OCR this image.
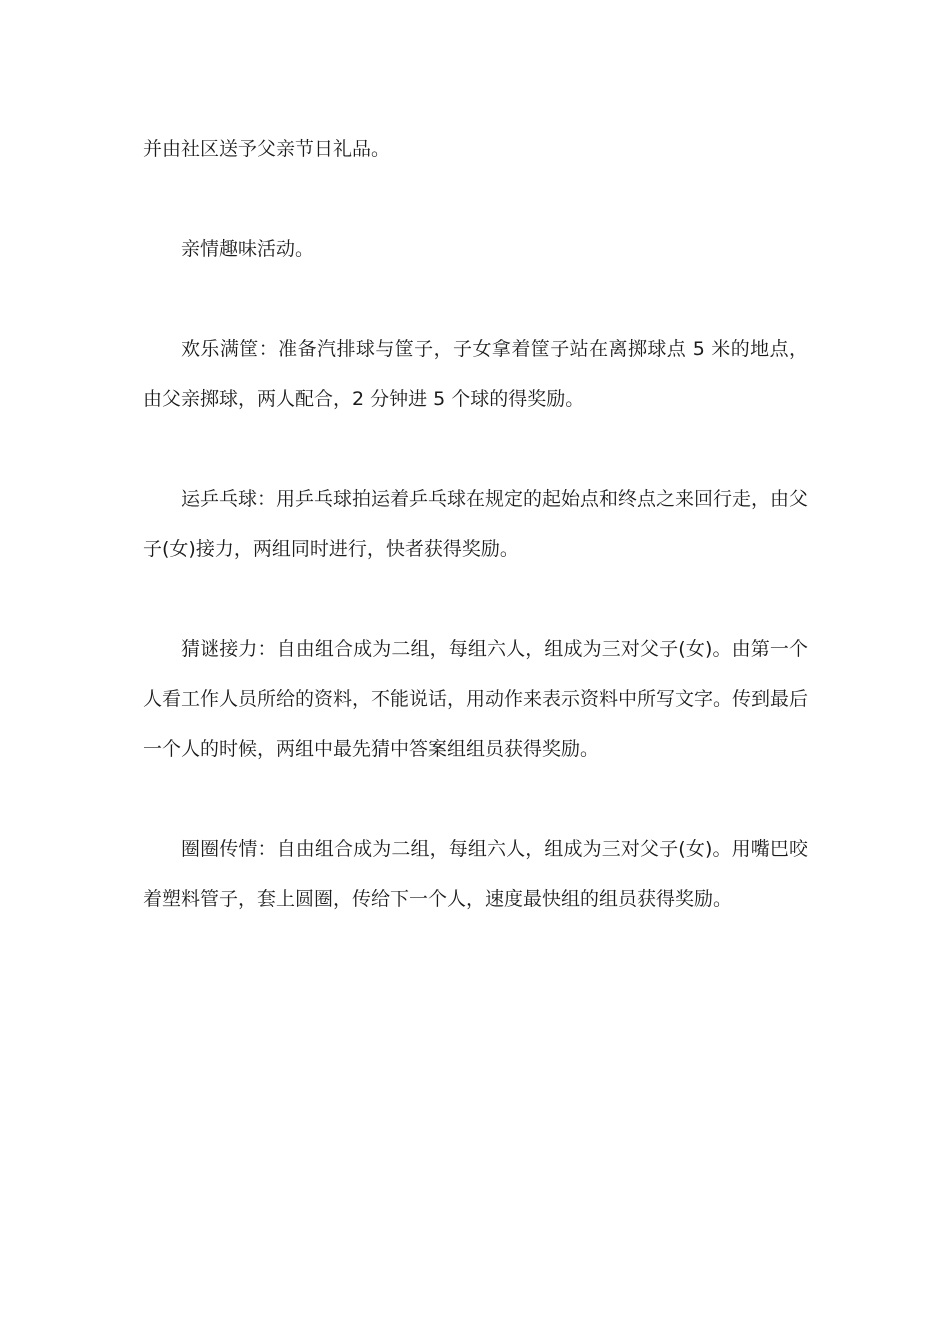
并由社区送予父亲节日礼品。

亲情趣味活动。

欢乐满筐：准备汽排球与筐子，子女拿着筐子站在离掷球点 5 米的地点，由父亲掷球，两人配合，2 分钟进 5 个球的得奖励。

运乒乓球：用乒乓球拍运着乒乓球在规定的起始点和终点之来回行走，由父子(女)接力，两组同时进行，快者获得奖励。

猜谜接力：自由组合成为二组，每组六人，组成为三对父子(女)。由第一个人看工作人员所给的资料，不能说话，用动作来表示资料中所写文字。传到最后一个人的时候，两组中最先猜中答案组组员获得奖励。

圈圈传情：自由组合成为二组，每组六人，组成为三对父子(女)。用嘴巴咬着塑料管子，套上圆圈，传给下一个人，速度最快组的组员获得奖励。
